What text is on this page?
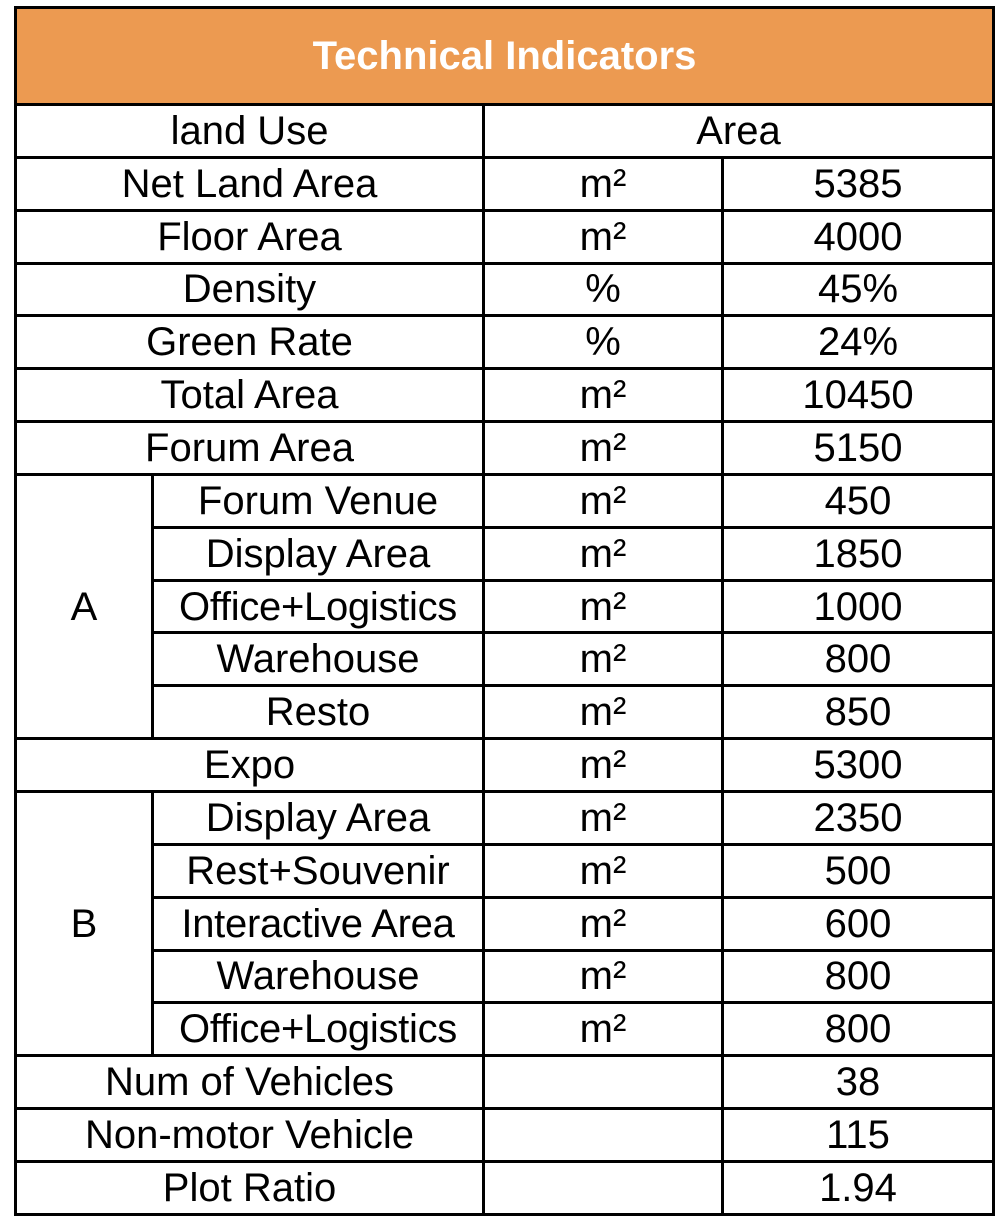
Technical Indicators			
land Use		Area	
Net Land Area		m²	5385
Floor Area		m²	4000
Density		%	45%
Green Rate		%	24%
Total Area		m²	10450
Forum Area		m²	5150
A	Forum Venue	m²	450
	Display Area	m²	1850
	Office+Logistics	m²	1000
	Warehouse	m²	800
	Resto	m²	850
Expo		m²	5300
B	Display Area	m²	2350
	Rest+Souvenir	m²	500
	Interactive Area	m²	600
	Warehouse	m²	800
	Office+Logistics	m²	800
Num of Vehicles			38
Non-motor Vehicle			115
Plot Ratio			1.94
